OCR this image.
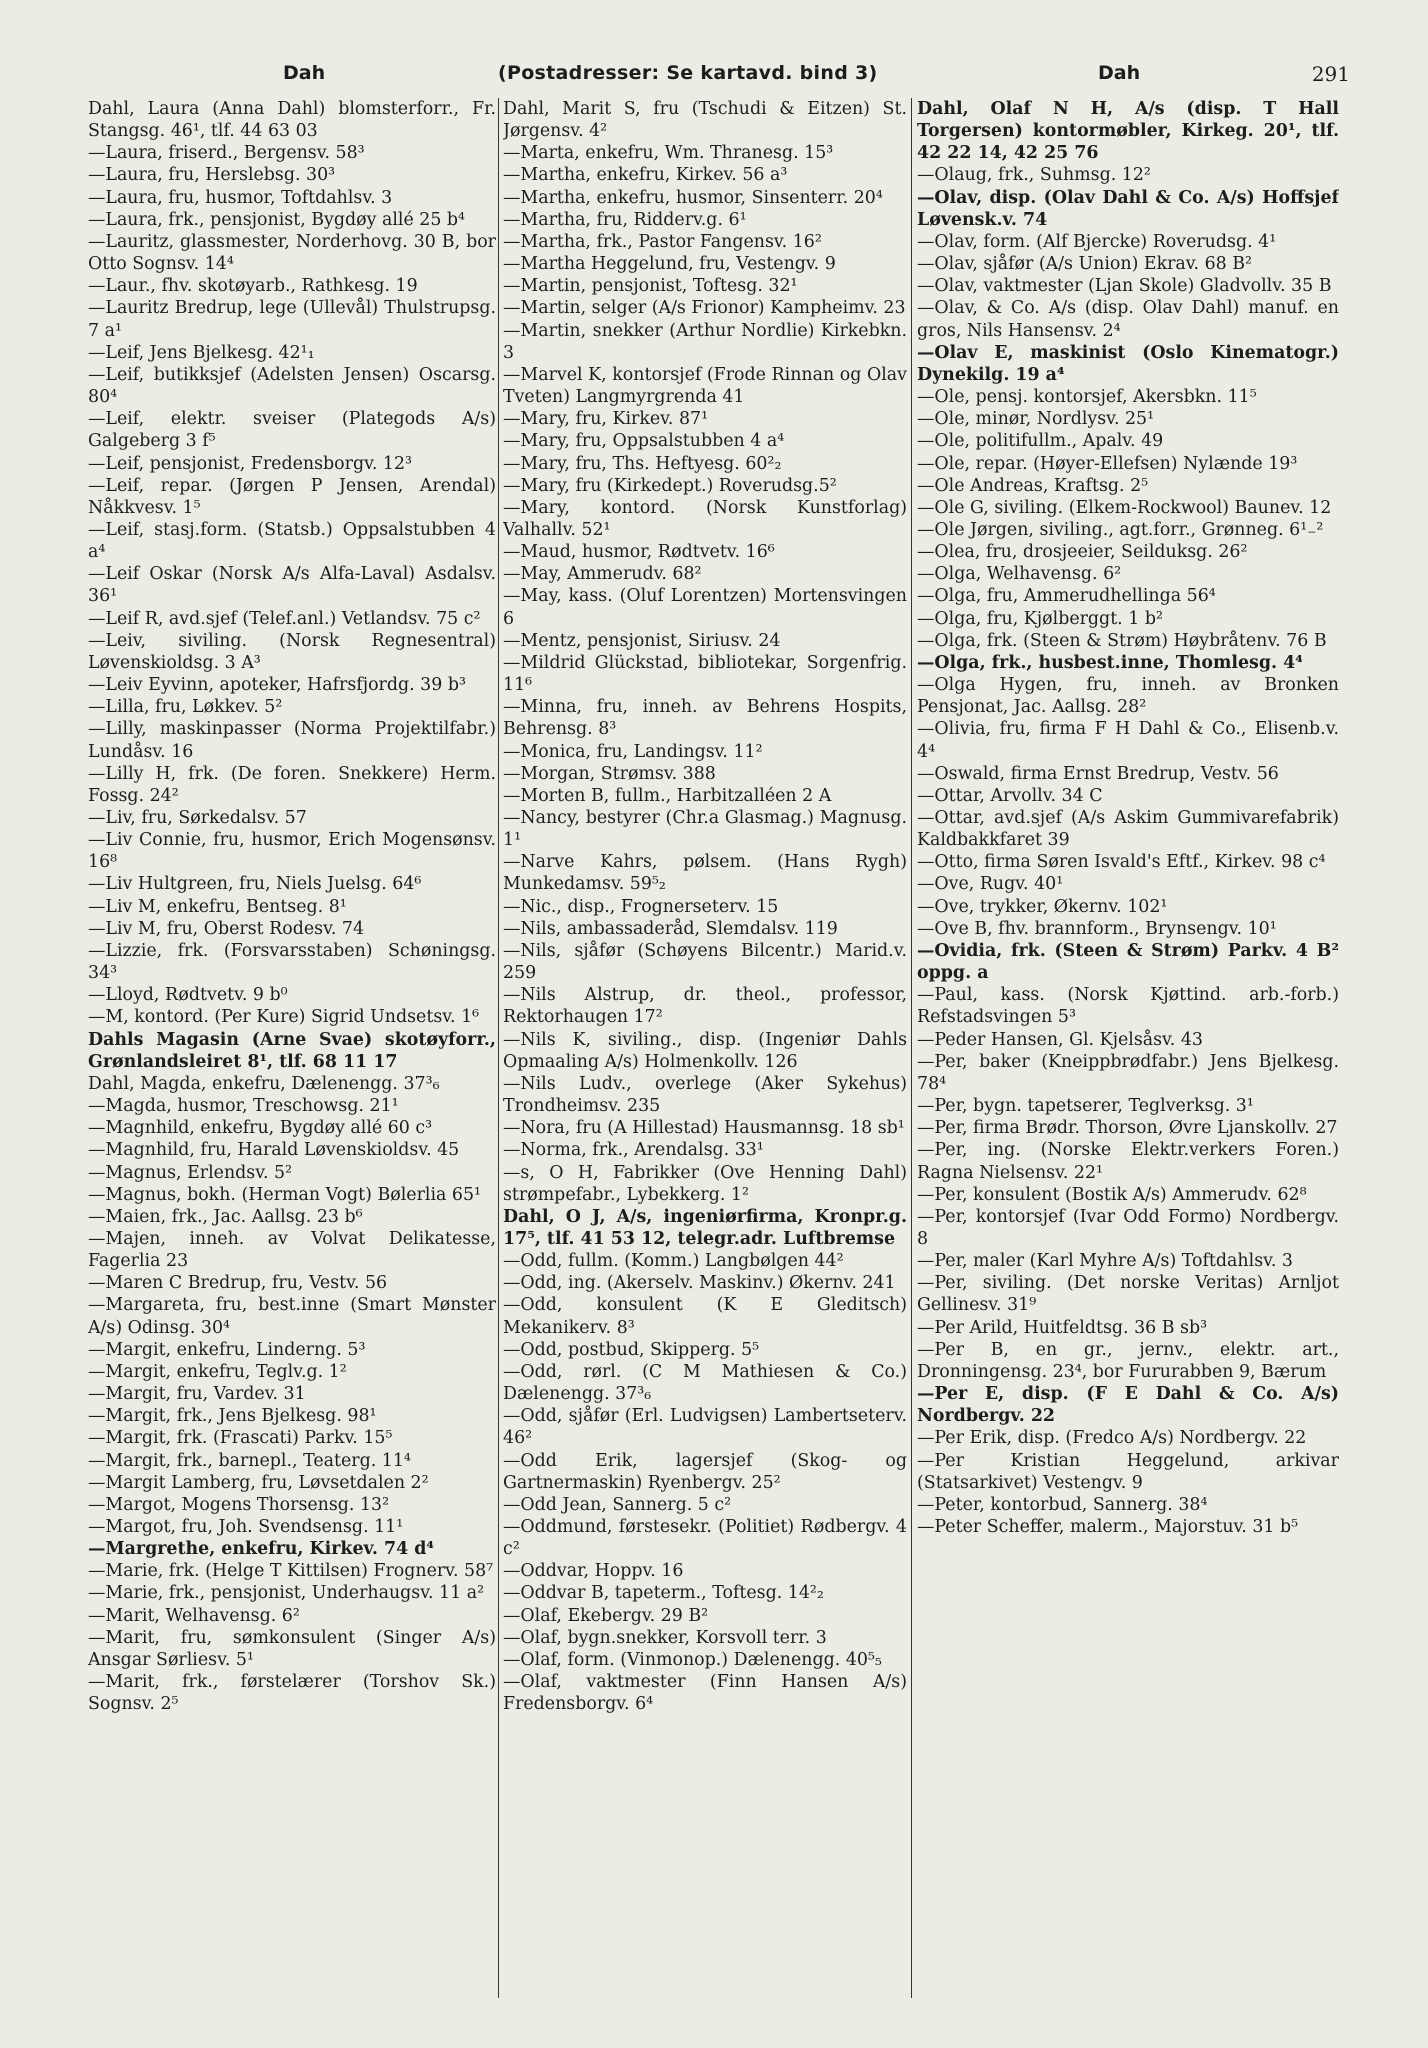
Dah	(Postadresser: Se kartavd. bind 3)	Dah	291

Dahl, Laura (Anna Dahl) blomsterforr., Fr. Stangsg. 46¹, tlf. 44 63 03

—Laura, friserd., Bergensv. 58³

—Laura, fru, Herslebsg. 30³

—Laura, fru, husmor, Toftdahlsv. 3

—Laura, frk., pensjonist, Bygdøy allé 25 b⁴

—Lauritz, glassmester, Norderhovg. 30 B, bor Otto Sognsv. 14⁴

—Laur., fhv. skotøyarb., Rathkesg. 19

—Lauritz Bredrup, lege (Ullevål) Thulstrupsg. 7 a¹

—Leif, Jens Bjelkesg. 42¹₁

—Leif, butikksjef (Adelsten Jensen) Oscarsg. 80⁴

—Leif, elektr. sveiser (Plategods A/s) Galgeberg 3 f⁵

—Leif, pensjonist, Fredensborgv. 12³

—Leif, repar. (Jørgen P Jensen, Arendal) Nåkkvesv. 1⁵

—Leif, stasj.form. (Statsb.) Oppsalstubben 4 a⁴

—Leif Oskar (Norsk A/s Alfa-Laval) Asdalsv. 36¹

—Leif R, avd.sjef (Telef.anl.) Vetlandsv. 75 c²

—Leiv, siviling. (Norsk Regnesentral) Løvenskioldsg. 3 A³

—Leiv Eyvinn, apoteker, Hafrsfjordg. 39 b³

—Lilla, fru, Løkkev. 5²

—Lilly, maskinpasser (Norma Projektilfabr.) Lundåsv. 16

—Lilly H, frk. (De foren. Snekkere) Herm. Fossg. 24²

—Liv, fru, Sørkedalsv. 57

—Liv Connie, fru, husmor, Erich Mogensønsv. 16⁸

—Liv Hultgreen, fru, Niels Juelsg. 64⁶

—Liv M, enkefru, Bentseg. 8¹

—Liv M, fru, Oberst Rodesv. 74

—Lizzie, frk. (Forsvarsstaben) Schøningsg. 34³

—Lloyd, Rødtvetv. 9 b⁰

—M, kontord. (Per Kure) Sigrid Undsetsv. 1⁶

Dahls Magasin (Arne Svae) skotøyforr., Grønlandsleiret 8¹, tlf. 68 11 17

Dahl, Magda, enkefru, Dælenengg. 37³₆

—Magda, husmor, Treschowsg. 21¹

—Magnhild, enkefru, Bygdøy allé 60 c³

—Magnhild, fru, Harald Løvenskioldsv. 45

—Magnus, Erlendsv. 5²

—Magnus, bokh. (Herman Vogt) Bølerlia 65¹

—Maien, frk., Jac. Aallsg. 23 b⁶

—Majen, inneh. av Volvat Delikatesse, Fagerlia 23

—Maren C Bredrup, fru, Vestv. 56

—Margareta, fru, best.inne (Smart Mønster A/s) Odinsg. 30⁴

—Margit, enkefru, Linderng. 5³

—Margit, enkefru, Teglv.g. 1²

—Margit, fru, Vardev. 31

—Margit, frk., Jens Bjelkesg. 98¹

—Margit, frk. (Frascati) Parkv. 15⁵

—Margit, frk., barnepl., Teaterg. 11⁴

—Margit Lamberg, fru, Løvsetdalen 2²

—Margot, Mogens Thorsensg. 13²

—Margot, fru, Joh. Svendsensg. 11¹

—Margrethe, enkefru, Kirkev. 74 d⁴

—Marie, frk. (Helge T Kittilsen) Frognerv. 58⁷

—Marie, frk., pensjonist, Underhaugsv. 11 a²

—Marit, Welhavensg. 6²

—Marit, fru, sømkonsulent (Singer A/s) Ansgar Sørliesv. 5¹

—Marit, frk., førstelærer (Torshov Sk.) Sognsv. 2⁵

Dahl, Marit S, fru (Tschudi & Eitzen) St. Jørgensv. 4²

—Marta, enkefru, Wm. Thranesg. 15³

—Martha, enkefru, Kirkev. 56 a³

—Martha, enkefru, husmor, Sinsenterr. 20⁴

—Martha, fru, Ridderv.g. 6¹

—Martha, frk., Pastor Fangensv. 16²

—Martha Heggelund, fru, Vestengv. 9

—Martin, pensjonist, Toftesg. 32¹

—Martin, selger (A/s Frionor) Kampheimv. 23

—Martin, snekker (Arthur Nordlie) Kirkebkn. 3

—Marvel K, kontorsjef (Frode Rinnan og Olav Tveten) Langmyrgrenda 41

—Mary, fru, Kirkev. 87¹

—Mary, fru, Oppsalstubben 4 a⁴

—Mary, fru, Ths. Heftyesg. 60²₂

—Mary, fru (Kirkedept.) Roverudsg.5²

—Mary, kontord. (Norsk Kunstforlag) Valhallv. 52¹

—Maud, husmor, Rødtvetv. 16⁶

—May, Ammerudv. 68²

—May, kass. (Oluf Lorentzen) Mortensvingen 6

—Mentz, pensjonist, Siriusv. 24

—Mildrid Glückstad, bibliotekar, Sorgenfrig. 11⁶

—Minna, fru, inneh. av Behrens Hospits, Behrensg. 8³

—Monica, fru, Landingsv. 11²

—Morgan, Strømsv. 388

—Morten B, fullm., Harbitzalléen 2 A

—Nancy, bestyrer (Chr.a Glasmag.) Magnusg. 1¹

—Narve Kahrs, pølsem. (Hans Rygh) Munkedamsv. 59⁵₂

—Nic., disp., Frognerseterv. 15

—Nils, ambassaderåd, Slemdalsv. 119

—Nils, sjåfør (Schøyens Bilcentr.) Marid.v. 259

—Nils Alstrup, dr. theol., professor, Rektorhaugen 17²

—Nils K, siviling., disp. (Ingeniør Dahls Opmaaling A/s) Holmenkollv. 126

—Nils Ludv., overlege (Aker Sykehus) Trondheimsv. 235

—Nora, fru (A Hillestad) Hausmannsg. 18 sb¹

—Norma, frk., Arendalsg. 33¹

—s, O H, Fabrikker (Ove Henning Dahl) strømpefabr., Lybekkerg. 1²

Dahl, O J, A/s, ingeniørfirma, Kronpr.g. 17⁵, tlf. 41 53 12, telegr.adr. Luftbremse

—Odd, fullm. (Komm.) Langbølgen 44²

—Odd, ing. (Akerselv. Maskinv.) Økernv. 241

—Odd, konsulent (K E Gleditsch) Mekanikerv. 8³

—Odd, postbud, Skipperg. 5⁵

—Odd, rørl. (C M Mathiesen & Co.) Dælenengg. 37³₆

—Odd, sjåfør (Erl. Ludvigsen) Lambertseterv. 46²

—Odd Erik, lagersjef (Skog- og Gartnermaskin) Ryenbergv. 25²

—Odd Jean, Sannerg. 5 c²

—Oddmund, førstesekr. (Politiet) Rødbergv. 4 c²

—Oddvar, Hoppv. 16

—Oddvar B, tapeterm., Toftesg. 14²₂

—Olaf, Ekebergv. 29 B²

—Olaf, bygn.snekker, Korsvoll terr. 3

—Olaf, form. (Vinmonop.) Dælenengg. 40⁵₅

—Olaf, vaktmester (Finn Hansen A/s) Fredensborgv. 6⁴

Dahl, Olaf N H, A/s (disp. T Hall Torgersen) kontormøbler, Kirkeg. 20¹, tlf. 42 22 14, 42 25 76

—Olaug, frk., Suhmsg. 12²

—Olav, disp. (Olav Dahl & Co. A/s) Hoffsjef Løvensk.v. 74

—Olav, form. (Alf Bjercke) Roverudsg. 4¹

—Olav, sjåfør (A/s Union) Ekrav. 68 B²

—Olav, vaktmester (Ljan Skole) Gladvollv. 35 B

—Olav, & Co. A/s (disp. Olav Dahl) manuf. en gros, Nils Hansensv. 2⁴

—Olav E, maskinist (Oslo Kinematogr.) Dynekilg. 19 a⁴

—Ole, pensj. kontorsjef, Akersbkn. 11⁵

—Ole, minør, Nordlysv. 25¹

—Ole, politifullm., Apalv. 49

—Ole, repar. (Høyer-Ellefsen) Nylænde 19³

—Ole Andreas, Kraftsg. 2⁵

—Ole G, siviling. (Elkem-Rockwool) Baunev. 12

—Ole Jørgen, siviling., agt.forr., Grønneg. 6¹₋²

—Olea, fru, drosjeeier, Seilduksg. 26²

—Olga, Welhavensg. 6²

—Olga, fru, Ammerudhellinga 56⁴

—Olga, fru, Kjølberggt. 1 b²

—Olga, frk. (Steen & Strøm) Høybråtenv. 76 B

—Olga, frk., husbest.inne, Thomlesg. 4⁴

—Olga Hygen, fru, inneh. av Bronken Pensjonat, Jac. Aallsg. 28²

—Olivia, fru, firma F H Dahl & Co., Elisenb.v. 4⁴

—Oswald, firma Ernst Bredrup, Vestv. 56

—Ottar, Arvollv. 34 C

—Ottar, avd.sjef (A/s Askim Gummivarefabrik) Kaldbakkfaret 39

—Otto, firma Søren Isvald's Eftf., Kirkev. 98 c⁴

—Ove, Rugv. 40¹

—Ove, trykker, Økernv. 102¹

—Ove B, fhv. brannform., Brynsengv. 10¹

—Ovidia, frk. (Steen & Strøm) Parkv. 4 B² oppg. a

—Paul, kass. (Norsk Kjøttind. arb.-forb.) Refstadsvingen 5³

—Peder Hansen, Gl. Kjelsåsv. 43

—Per, baker (Kneippbrødfabr.) Jens Bjelkesg. 78⁴

—Per, bygn. tapetserer, Teglverksg. 3¹

—Per, firma Brødr. Thorson, Øvre Ljanskollv. 27

—Per, ing. (Norske Elektr.verkers Foren.) Ragna Nielsensv. 22¹

—Per, konsulent (Bostik A/s) Ammerudv. 62⁸

—Per, kontorsjef (Ivar Odd Formo) Nordbergv. 8

—Per, maler (Karl Myhre A/s) Toftdahlsv. 3

—Per, siviling. (Det norske Veritas) Arnljot Gellinesv. 31⁹

—Per Arild, Huitfeldtsg. 36 B sb³

—Per B, en gr., jernv., elektr. art., Dronningensg. 23⁴, bor Fururabben 9, Bærum

—Per E, disp. (F E Dahl & Co. A/s) Nordbergv. 22

—Per Erik, disp. (Fredco A/s) Nordbergv. 22

—Per Kristian Heggelund, arkivar (Statsarkivet) Vestengv. 9

—Peter, kontorbud, Sannerg. 38⁴

—Peter Scheffer, malerm., Majorstuv. 31 b⁵
